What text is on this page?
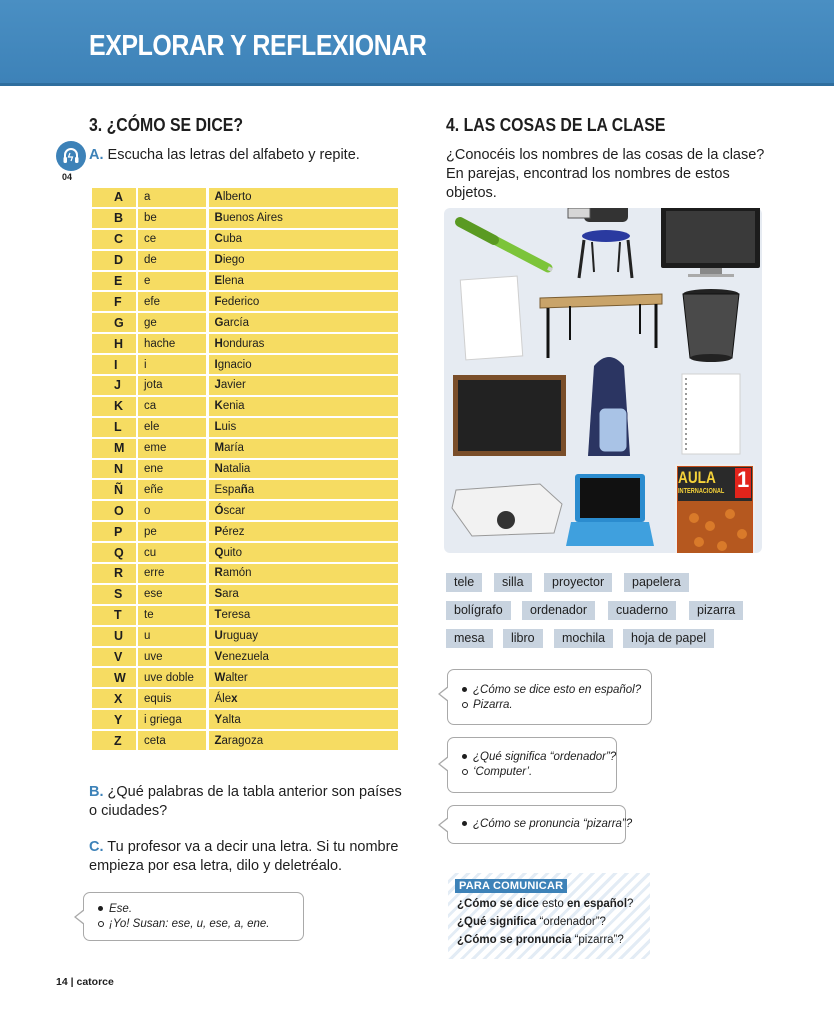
EXPLORAR Y REFLEXIONAR
3. ¿CÓMO SE DICE?
04
A. Escucha las letras del alfabeto y repite.
A	a	Alberto
B	be	Buenos Aires
C	ce	Cuba
D	de	Diego
E	e	Elena
F	efe	Federico
G	ge	García
H	hache	Honduras
I	i	Ignacio
J	jota	Javier
K	ca	Kenia
L	ele	Luis
M	eme	María
N	ene	Natalia
Ñ	eñe	España
O	o	Óscar
P	pe	Pérez
Q	cu	Quito
R	erre	Ramón
S	ese	Sara
T	te	Teresa
U	u	Uruguay
V	uve	Venezuela
W	uve doble	Walter
X	equis	Álex
Y	i griega	Yalta
Z	ceta	Zaragoza
B. ¿Qué palabras de la tabla anterior son países
o ciudades?
C. Tu profesor va a decir una letra. Si tu nombre
empieza por esa letra, dilo y deletréalo.
Ese.
¡Yo! Susan: ese, u, ese, a, ene.
4. LAS COSAS DE LA CLASE
¿Conocéis los nombres de las cosas de la clase?
En parejas, encontrad los nombres de estos
objetos.
AULA
INTERNACIONAL 1
tele	silla	proyector	papelera
bolígrafo	ordenador	cuaderno	pizarra
mesa	libro	mochila	hoja de papel
¿Cómo se dice esto en español?
Pizarra.
¿Qué significa “ordenador”?
‘Computer’.
¿Cómo se pronuncia “pizarra”?
PARA COMUNICAR
¿Cómo se dice esto en español?
¿Qué significa “ordenador”?
¿Cómo se pronuncia “pizarra”?
14 | catorce
